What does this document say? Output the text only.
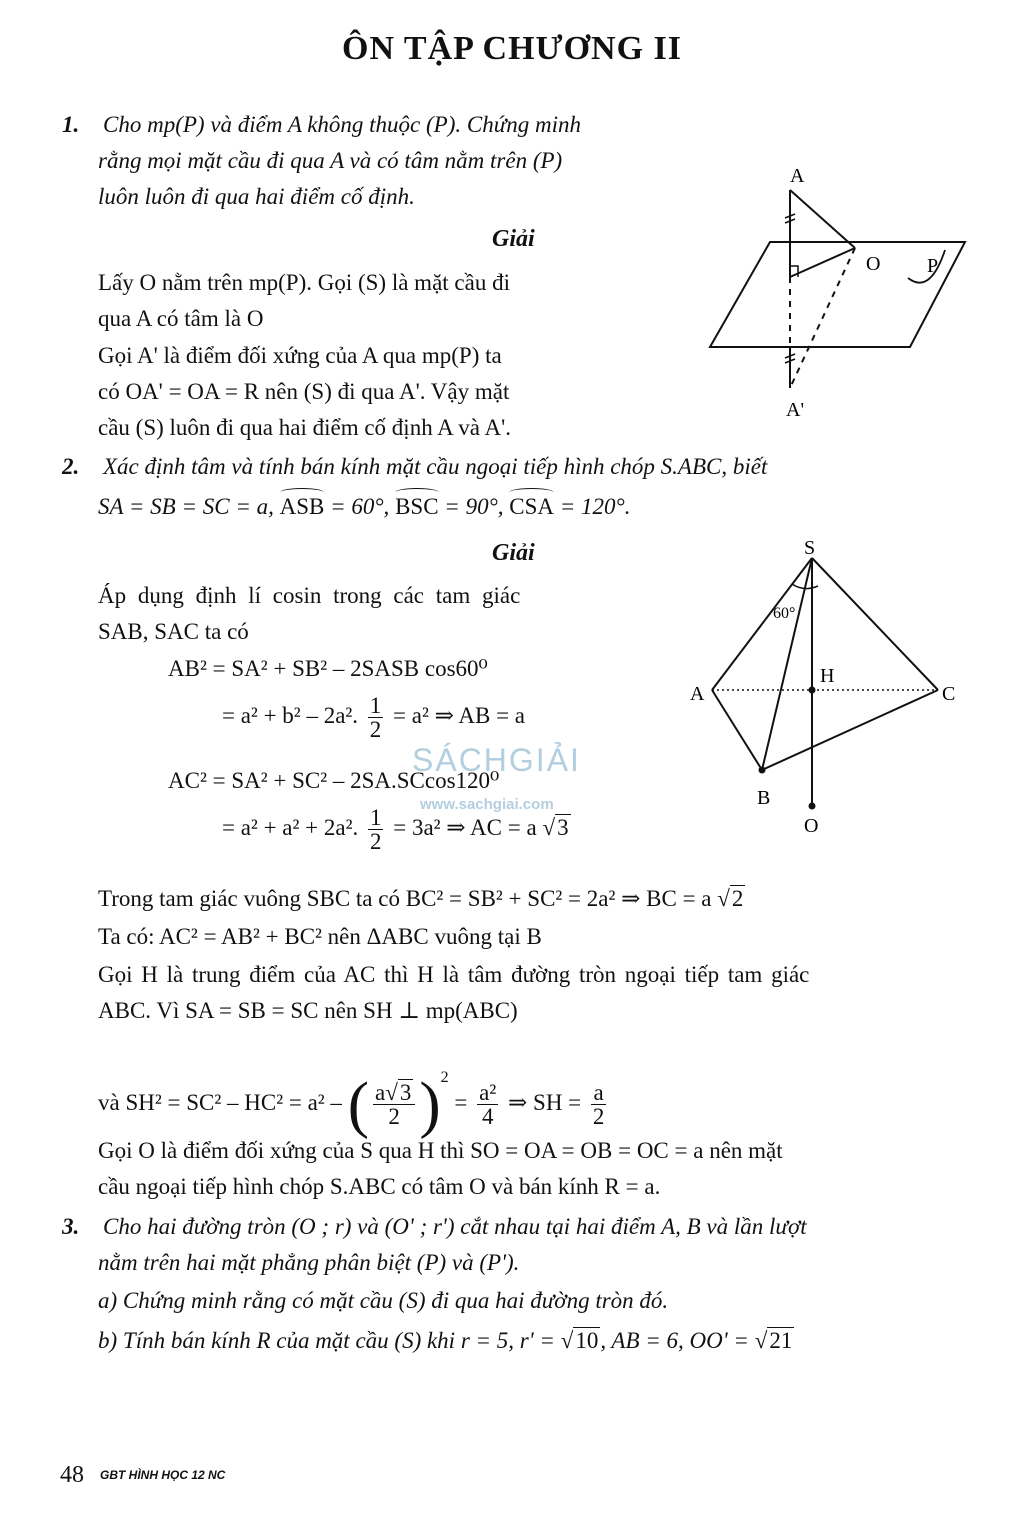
ÔN TẬP CHƯƠNG II
1. Cho mp(P) và điểm A không thuộc (P). Chứng minh
rằng mọi mặt cầu đi qua A và có tâm nằm trên (P)
luôn luôn đi qua hai điểm cố định.
Giải
Lấy O nằm trên mp(P). Gọi (S) là mặt cầu đi
qua A có tâm là O
Gọi A' là điểm đối xứng của A qua mp(P) ta
có OA' = OA = R nên (S) đi qua A'. Vậy mặt
cầu (S) luôn đi qua hai điểm cố định A và A'.
A
O P
A'
2. Xác định tâm và tính bán kính mặt cầu ngoại tiếp hình chóp S.ABC, biết
SA = SB = SC = a, ASB = 60°, BSC = 90°, CSA = 120°.
Giải
Áp dụng định lí cosin trong các tam giác
SAB, SAC ta có
AB² = SA² + SB² – 2SASB cos60⁰
= a² + b² – 2a². $\frac{1}{2} = a^2$ ⇒ AB = a
AC² = SA² + SC² – 2SA.SCcos120⁰
= a² + a² + 2a². $\frac{1}{2} = 3a^2$ ⇒ AC = a √3
SÁCHGIẢI
www.sachgiai.com
S
60°
A	C
H
B
O
Trong tam giác vuông SBC ta có BC² = SB² + SC² = 2a² ⇒ BC = a √2
Ta có: AC² = AB² + BC² nên ΔABC vuông tại B
Gọi H là trung điểm của AC thì H là tâm đường tròn ngoại tiếp tam giác
ABC. Vì SA = SB = SC nên SH ⊥ mp(ABC)
và SH² = SC² – HC² = a² – ( $\frac{a√3}{2} )^2 = \frac{\text{a²}}{4}$ ⇒ SH = $\frac{a}{2}$
Gọi O là điểm đối xứng của S qua H thì SO = OA = OB = OC = a nên mặt
cầu ngoại tiếp hình chóp S.ABC có tâm O và bán kính R = a.
3. Cho hai đường tròn (O ; r) và (O' ; r') cắt nhau tại hai điểm A, B và lần lượt
nằm trên hai mặt phẳng phân biệt (P) và (P').
a) Chứng minh rằng có mặt cầu (S) đi qua hai đường tròn đó.
b) Tính bán kính R của mặt cầu (S) khi r = 5, r' = √10, AB = 6, OO' = √21
48 GBT HÌNH HỌC 12 NC
